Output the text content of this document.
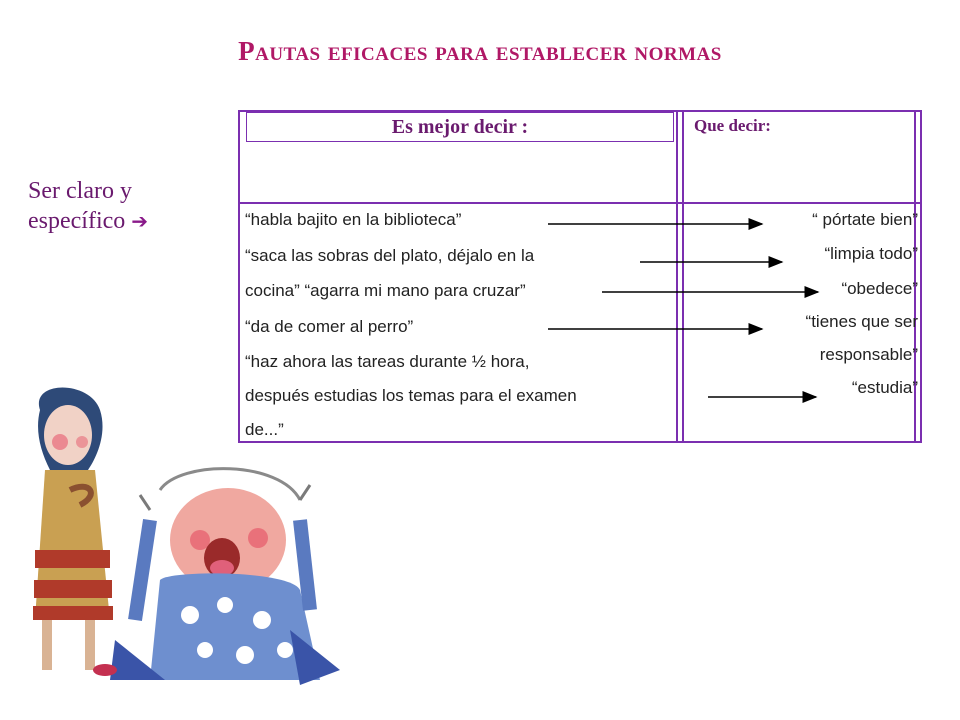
Pautas eficaces para establecer normas
Ser claro y
específico ➔
Es mejor decir :	Que decir:
“habla bajito en la biblioteca”
“saca las sobras del plato, déjalo en la
cocina” “agarra mi mano para cruzar”
“da de comer al perro”
“haz ahora las tareas durante ½ hora,
después estudias los temas para el examen
de...”
“ pórtate bien”
“limpia todo”
“obedece”
“tienes que ser
responsable”
“estudia”
